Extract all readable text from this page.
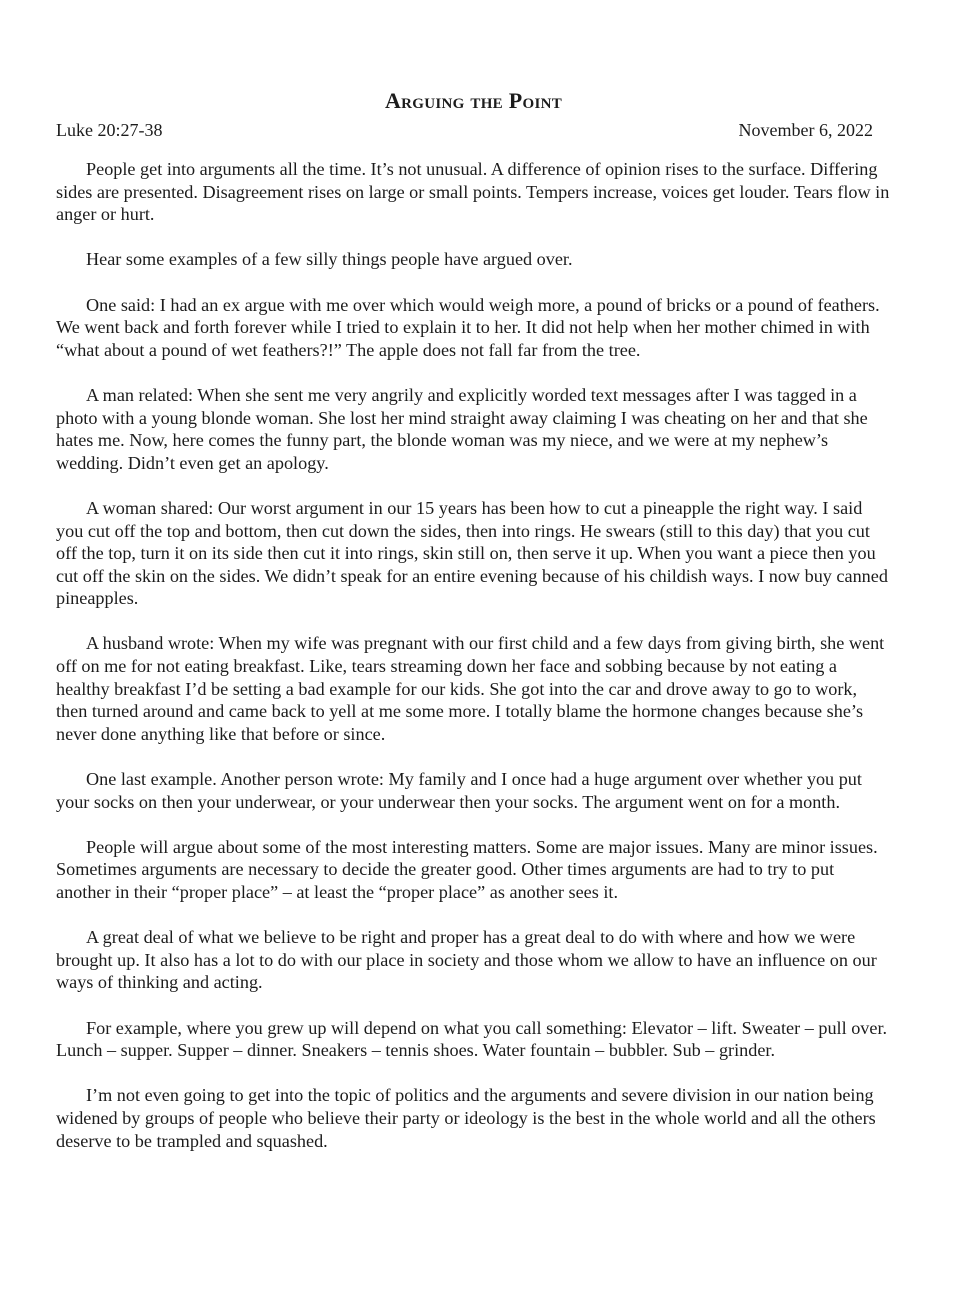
Arguing the Point
Luke 20:27-38	November 6, 2022

People get into arguments all the time. It’s not unusual. A difference of opinion rises to the surface. Differing sides are presented. Disagreement rises on large or small points. Tempers increase, voices get louder. Tears flow in anger or hurt.

Hear some examples of a few silly things people have argued over.

One said: I had an ex argue with me over which would weigh more, a pound of bricks or a pound of feathers. We went back and forth forever while I tried to explain it to her. It did not help when her mother chimed in with “what about a pound of wet feathers?!” The apple does not fall far from the tree.

A man related: When she sent me very angrily and explicitly worded text messages after I was tagged in a photo with a young blonde woman. She lost her mind straight away claiming I was cheating on her and that she hates me. Now, here comes the funny part, the blonde woman was my niece, and we were at my nephew’s wedding. Didn’t even get an apology.

A woman shared: Our worst argument in our 15 years has been how to cut a pineapple the right way. I said you cut off the top and bottom, then cut down the sides, then into rings. He swears (still to this day) that you cut off the top, turn it on its side then cut it into rings, skin still on, then serve it up. When you want a piece then you cut off the skin on the sides. We didn’t speak for an entire evening because of his childish ways. I now buy canned pineapples.

A husband wrote: When my wife was pregnant with our first child and a few days from giving birth, she went off on me for not eating breakfast. Like, tears streaming down her face and sobbing because by not eating a healthy breakfast I’d be setting a bad example for our kids. She got into the car and drove away to go to work, then turned around and came back to yell at me some more. I totally blame the hormone changes because she’s never done anything like that before or since.

One last example. Another person wrote: My family and I once had a huge argument over whether you put your socks on then your underwear, or your underwear then your socks. The argument went on for a month.

People will argue about some of the most interesting matters. Some are major issues. Many are minor issues. Sometimes arguments are necessary to decide the greater good. Other times arguments are had to try to put another in their “proper place” – at least the “proper place” as another sees it.

A great deal of what we believe to be right and proper has a great deal to do with where and how we were brought up. It also has a lot to do with our place in society and those whom we allow to have an influence on our ways of thinking and acting.

For example, where you grew up will depend on what you call something: Elevator – lift. Sweater – pull over. Lunch – supper. Supper – dinner. Sneakers – tennis shoes. Water fountain – bubbler. Sub – grinder.

I’m not even going to get into the topic of politics and the arguments and severe division in our nation being widened by groups of people who believe their party or ideology is the best in the whole world and all the others deserve to be trampled and squashed.
